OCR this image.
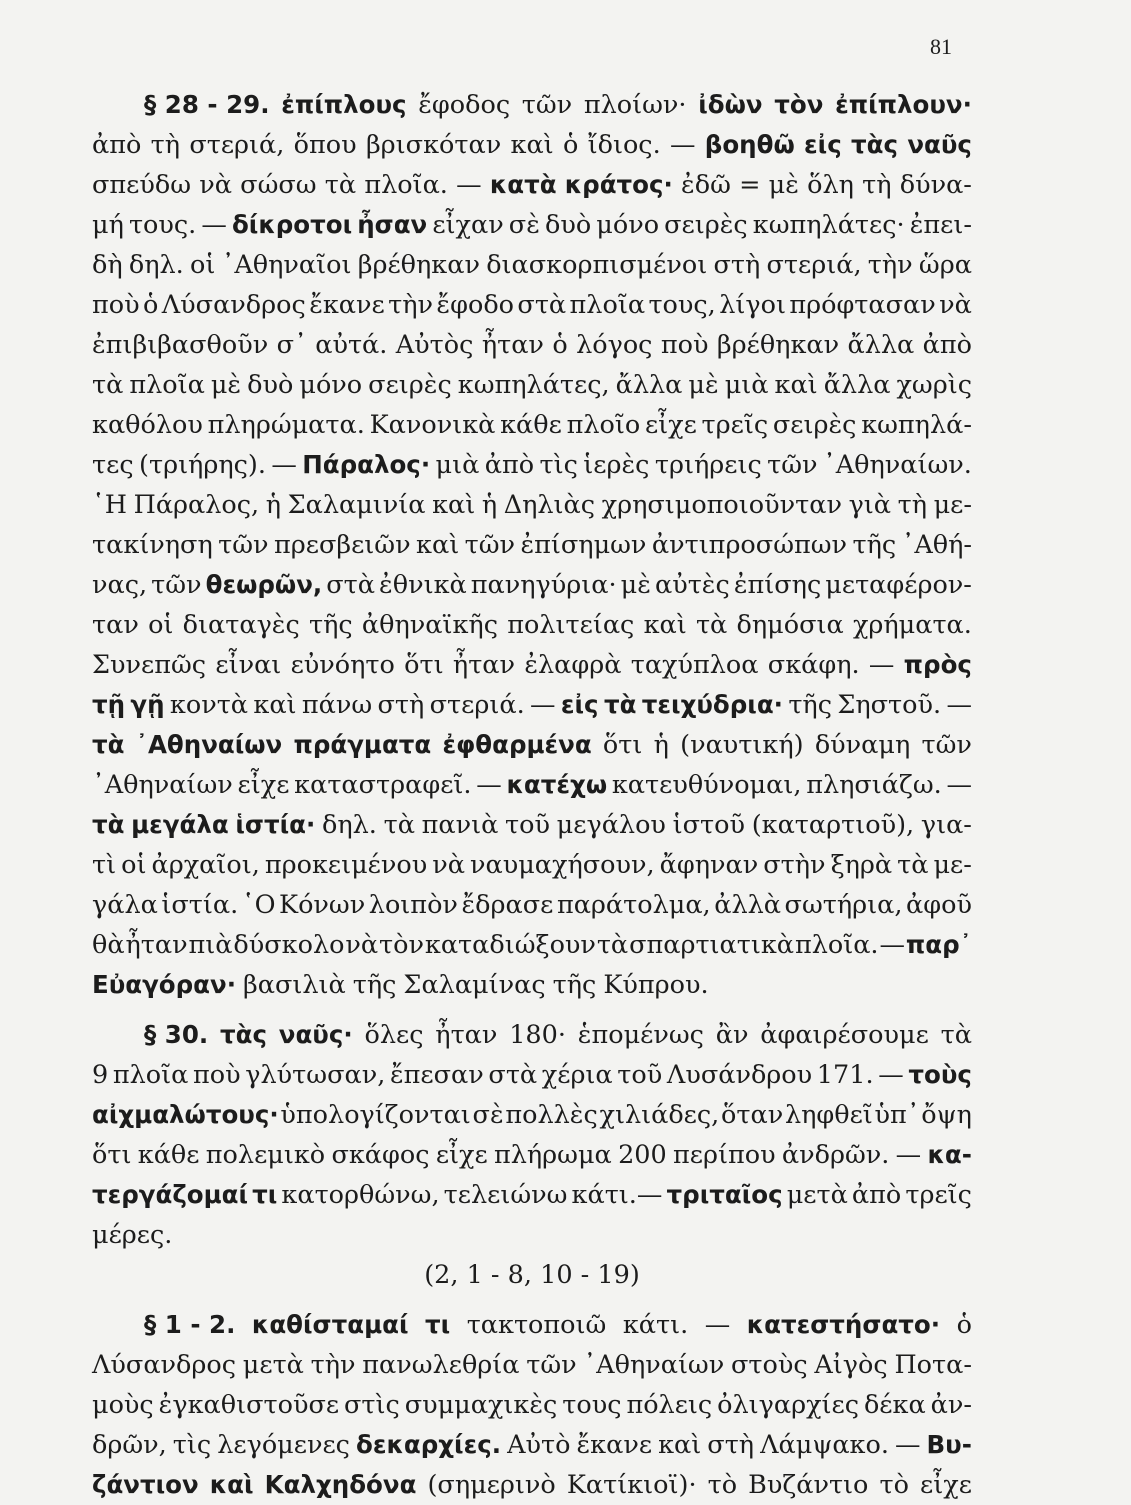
81
§ 28 - 29. ἐπίπλους ἔφοδος τῶν πλοίων· ἰδὼν τὸν ἐπίπλουν·
ἀπὸ τὴ στεριά, ὅπου βρισκόταν καὶ ὁ ἴδιος. — βοηθῶ εἰς τὰς ναῦς
σπεύδω νὰ σώσω τὰ πλοῖα. — κατὰ κράτος· ἐδῶ = μὲ ὅλη τὴ δύνα-
μή τους. — δίκροτοι ἦσαν εἶχαν σὲ δυὸ μόνο σειρὲς κωπηλάτες· ἐπει-
δὴ δηλ. οἱ ᾿Αθηναῖοι βρέθηκαν διασκορπισμένοι στὴ στεριά, τὴν ὥρα
ποὺ ὁ Λύσανδρος ἔκανε τὴν ἔφοδο στὰ πλοῖα τους, λίγοι πρόφτασαν νὰ
ἐπιβιβασθοῦν σ᾿ αὐτά. Αὐτὸς ἦταν ὁ λόγος ποὺ βρέθηκαν ἄλλα ἀπὸ
τὰ πλοῖα μὲ δυὸ μόνο σειρὲς κωπηλάτες, ἄλλα μὲ μιὰ καὶ ἄλλα χωρὶς
καθόλου πληρώματα. Κανονικὰ κάθε πλοῖο εἶχε τρεῖς σειρὲς κωπηλά-
τες (τριήρης). — Πάραλος· μιὰ ἀπὸ τὶς ἱερὲς τριήρεις τῶν ᾿Αθηναίων.
῾Η Πάραλος, ἡ Σαλαμινία καὶ ἡ Δηλιὰς χρησιμοποιοῦνταν γιὰ τὴ με-
τακίνηση τῶν πρεσβειῶν καὶ τῶν ἐπίσημων ἀντιπροσώπων τῆς ᾿Αθή-
νας, τῶν θεωρῶν, στὰ ἐθνικὰ πανηγύρια· μὲ αὐτὲς ἐπίσης μεταφέρον-
ταν οἱ διαταγὲς τῆς ἀθηναϊκῆς πολιτείας καὶ τὰ δημόσια χρήματα.
Συνεπῶς εἶναι εὐνόητο ὅτι ἦταν ἐλαφρὰ ταχύπλοα σκάφη. — πρὸς
τῇ γῇ κοντὰ καὶ πάνω στὴ στεριά. — εἰς τὰ τειχύδρια· τῆς Σηστοῦ. —
τὰ ᾿Αθηναίων πράγματα ἐφθαρμένα ὅτι ἡ (ναυτική) δύναμη τῶν
᾿Αθηναίων εἶχε καταστραφεῖ. — κατέχω κατευθύνομαι, πλησιάζω. —
τὰ μεγάλα ἱστία· δηλ. τὰ πανιὰ τοῦ μεγάλου ἱστοῦ (καταρτιοῦ), για-
τὶ οἱ ἀρχαῖοι, προκειμένου νὰ ναυμαχήσουν, ἄφηναν στὴν ξηρὰ τὰ με-
γάλα ἱστία. ῾Ο Κόνων λοιπὸν ἔδρασε παράτολμα, ἀλλὰ σωτήρια, ἀφοῦ
θὰ ἦταν πιὰ δύσκολο νὰ τὸν καταδιώξουν τὰ σπαρτιατικὰ πλοῖα. — παρ᾿
Εὐαγόραν· βασιλιὰ τῆς Σαλαμίνας τῆς Κύπρου.
§ 30. τὰς ναῦς· ὅλες ἦταν 180· ἑπομένως ἂν ἀφαιρέσουμε τὰ
9 πλοῖα ποὺ γλύτωσαν, ἔπεσαν στὰ χέρια τοῦ Λυσάνδρου 171. — τοὺς
αἰχμαλώτους· ὑπολογίζονται σὲ πολλὲς χιλιάδες, ὅταν ληφθεῖ ὑπ᾿ ὄψη
ὅτι κάθε πολεμικὸ σκάφος εἶχε πλήρωμα 200 περίπου ἀνδρῶν. — κα-
τεργάζομαί τι κατορθώνω, τελειώνω κάτι.— τριταῖος μετὰ ἀπὸ τρεῖς
μέρες.
(2, 1 - 8, 10 - 19)
§ 1 - 2. καθίσταμαί τι τακτοποιῶ κάτι. — κατεστήσατο· ὁ
Λύσανδρος μετὰ τὴν πανωλεθρία τῶν ᾿Αθηναίων στοὺς Αἰγὸς Ποτα-
μοὺς ἐγκαθιστοῦσε στὶς συμμαχικὲς τους πόλεις ὀλιγαρχίες δέκα ἀν-
δρῶν, τὶς λεγόμενες δεκαρχίες. Αὐτὸ ἔκανε καὶ στὴ Λάμψακο. — Βυ-
ζάντιον καὶ Καλχηδόνα (σημερινὸ Κατίκιοϊ)· τὸ Βυζάντιο τὸ εἶχε
